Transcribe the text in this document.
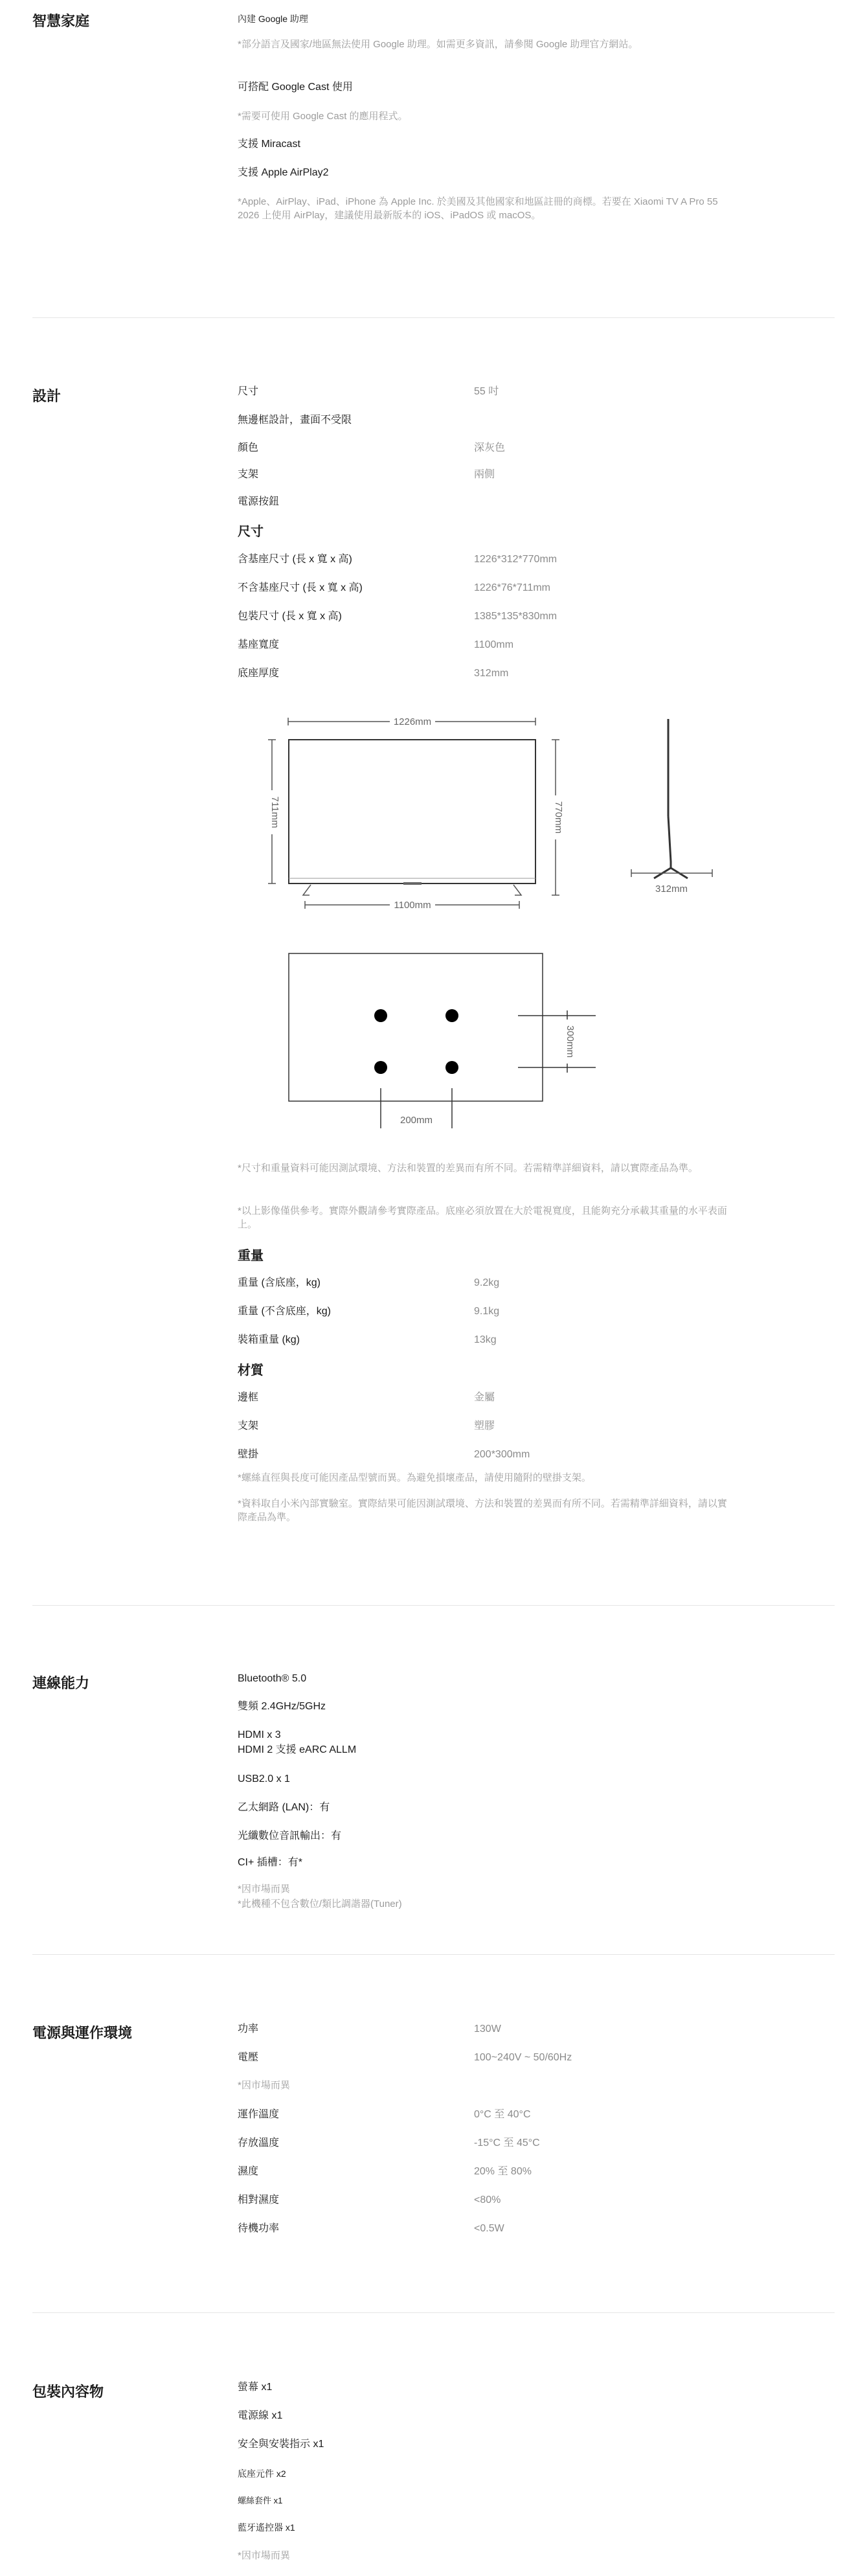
智慧家庭	內建 Google 助理
*部分語言及國家/地區無法使用 Google 助理。如需更多資訊，請參閱 Google 助理官方網站。
可搭配 Google Cast 使用
*需要可使用 Google Cast 的應用程式。
支援 Miracast
支援 Apple AirPlay2
*Apple、AirPlay、iPad、iPhone 為 Apple Inc. 於美國及其他國家和地區註冊的商標。若要在 Xiaomi TV A Pro 55 2026 上使用 AirPlay，建議使用最新版本的 iOS、iPadOS 或 macOS。
設計	尺寸	55 吋
無邊框設計，畫面不受限
顏色	深灰色
支架	兩側
電源按鈕
尺寸
含基座尺寸 (長 x 寬 x 高)	1226*312*770mm
不含基座尺寸 (長 x 寬 x 高)	1226*76*711mm
包裝尺寸 (長 x 寬 x 高)	1385*135*830mm
基座寬度	1100mm
底座厚度	312mm
1226mm
711mm	770mm
1100mm
312mm
300mm
200mm
*尺寸和重量資料可能因測試環境、方法和裝置的差異而有所不同。若需精準詳細資料，請以實際產品為準。
*以上影像僅供參考。實際外觀請參考實際產品。底座必須放置在大於電視寬度，且能夠充分承載其重量的水平表面上。
重量
重量 (含底座，kg)	9.2kg
重量 (不含底座，kg)	9.1kg
裝箱重量 (kg)	13kg
材質
邊框	金屬
支架	塑膠
壁掛	200*300mm
*螺絲直徑與長度可能因產品型號而異。為避免損壞產品，請使用隨附的壁掛支架。
*資料取自小米內部實驗室。實際結果可能因測試環境、方法和裝置的差異而有所不同。若需精準詳細資料，請以實際產品為準。
連線能力	Bluetooth® 5.0
雙頻 2.4GHz/5GHz
HDMI x 3
HDMI 2 支援 eARC ALLM
USB2.0 x 1
乙太網路 (LAN)：有
光纖數位音訊輸出：有
CI+ 插槽：有*
*因市場而異
*此機種不包含數位/類比調諧器(Tuner)
電源與運作環境	功率	130W
電壓	100~240V ~ 50/60Hz
*因市場而異
運作溫度	0°C 至 40°C
存放溫度	-15°C 至 45°C
濕度	20% 至 80%
相對濕度	<80%
待機功率	<0.5W
包裝內容物	螢幕 x1
電源線 x1
安全與安裝指示 x1
底座元件 x2
螺絲套件 x1
藍牙遙控器 x1
*因市場而異
